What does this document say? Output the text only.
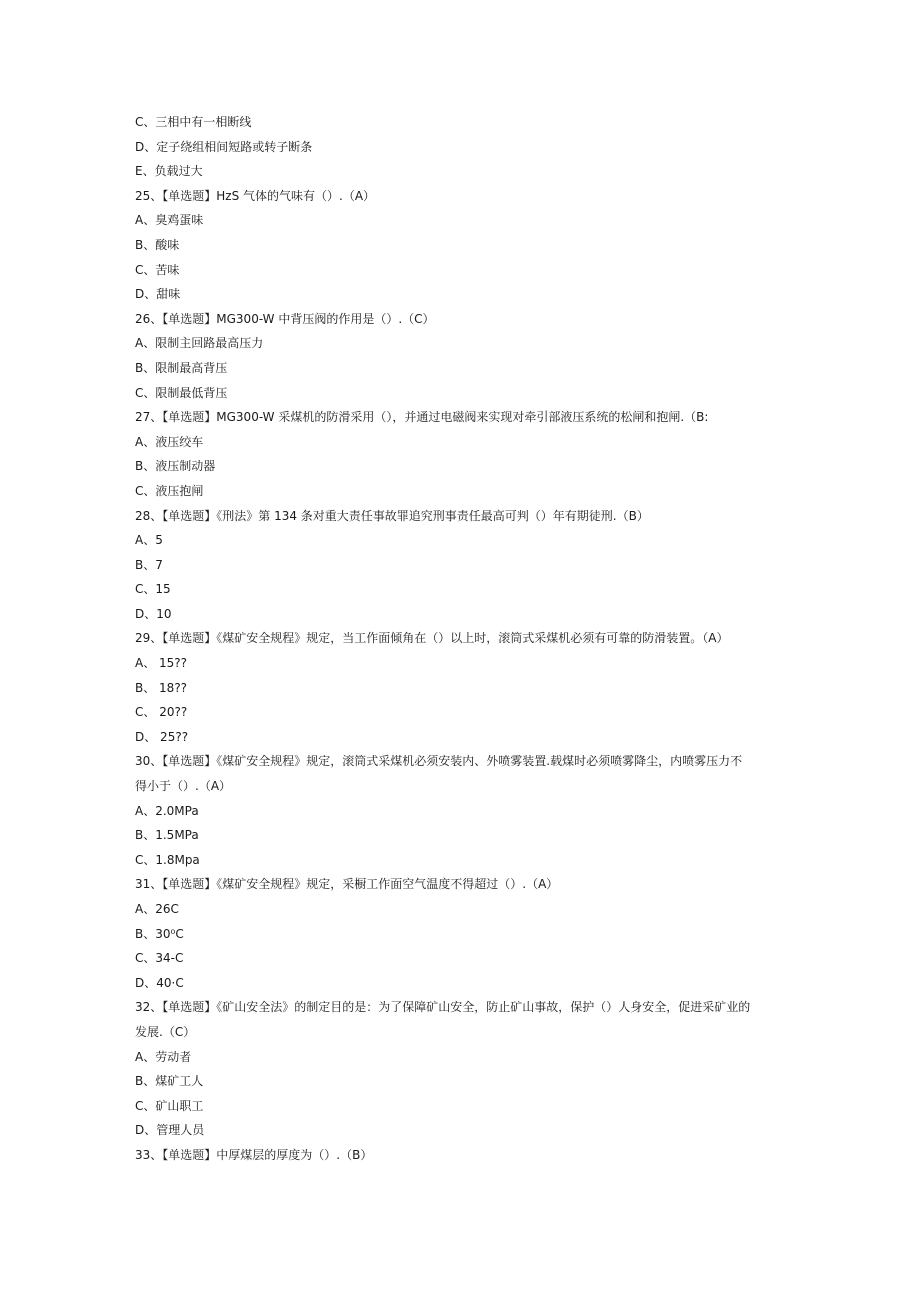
C、三相中有一相断线
D、定子绕组相间短路或转子断条
E、负载过大
25、【单选题】HzS 气体的气味有（）.（A）
A、臭鸡蛋味
B、酸味
C、苦味
D、甜味
26、【单选题】MG300-W 中背压阀的作用是（）.（C）
A、限制主回路最高压力
B、限制最高背压
C、限制最低背压
27、【单选题】MG300-W 采煤机的防滑采用（），并通过电磁阀来实现对牵引部液压系统的松闸和抱闸.（B:
A、液压绞车
B、液压制动器
C、液压抱闸
28、【单选题】《刑法》第 134 条对重大责任事故罪追究刑事责任最高可判（）年有期徒刑.（B）
A、5
B、7
C、15
D、10
29、【单选题】《煤矿安全规程》规定，当工作面倾角在（）以上时，滚筒式采煤机必须有可靠的防滑装置。（A）
A、 15??
B、 18??
C、 20??
D、 25??
30、【单选题】《煤矿安全规程》规定，滚筒式采煤机必须安装内、外喷雾装置.载煤时必须喷雾降尘，内喷雾压力不
得小于（）.（A）
A、2.0MPa
B、1.5MPa
C、1.8Mpa
31、【单选题】《煤矿安全规程》规定，采橱工作面空气温度不得超过（）.（A）
A、26C
B、30⁰C
C、34-C
D、40·C
32、【单选题】《矿山安全法》的制定目的是：为了保障矿山安全，防止矿山事故，保护（）人身安全，促进采矿业的
发展.（C）
A、劳动者
B、煤矿工人
C、矿山职工
D、管理人员
33、【单选题】中厚煤层的厚度为（）.（B）
